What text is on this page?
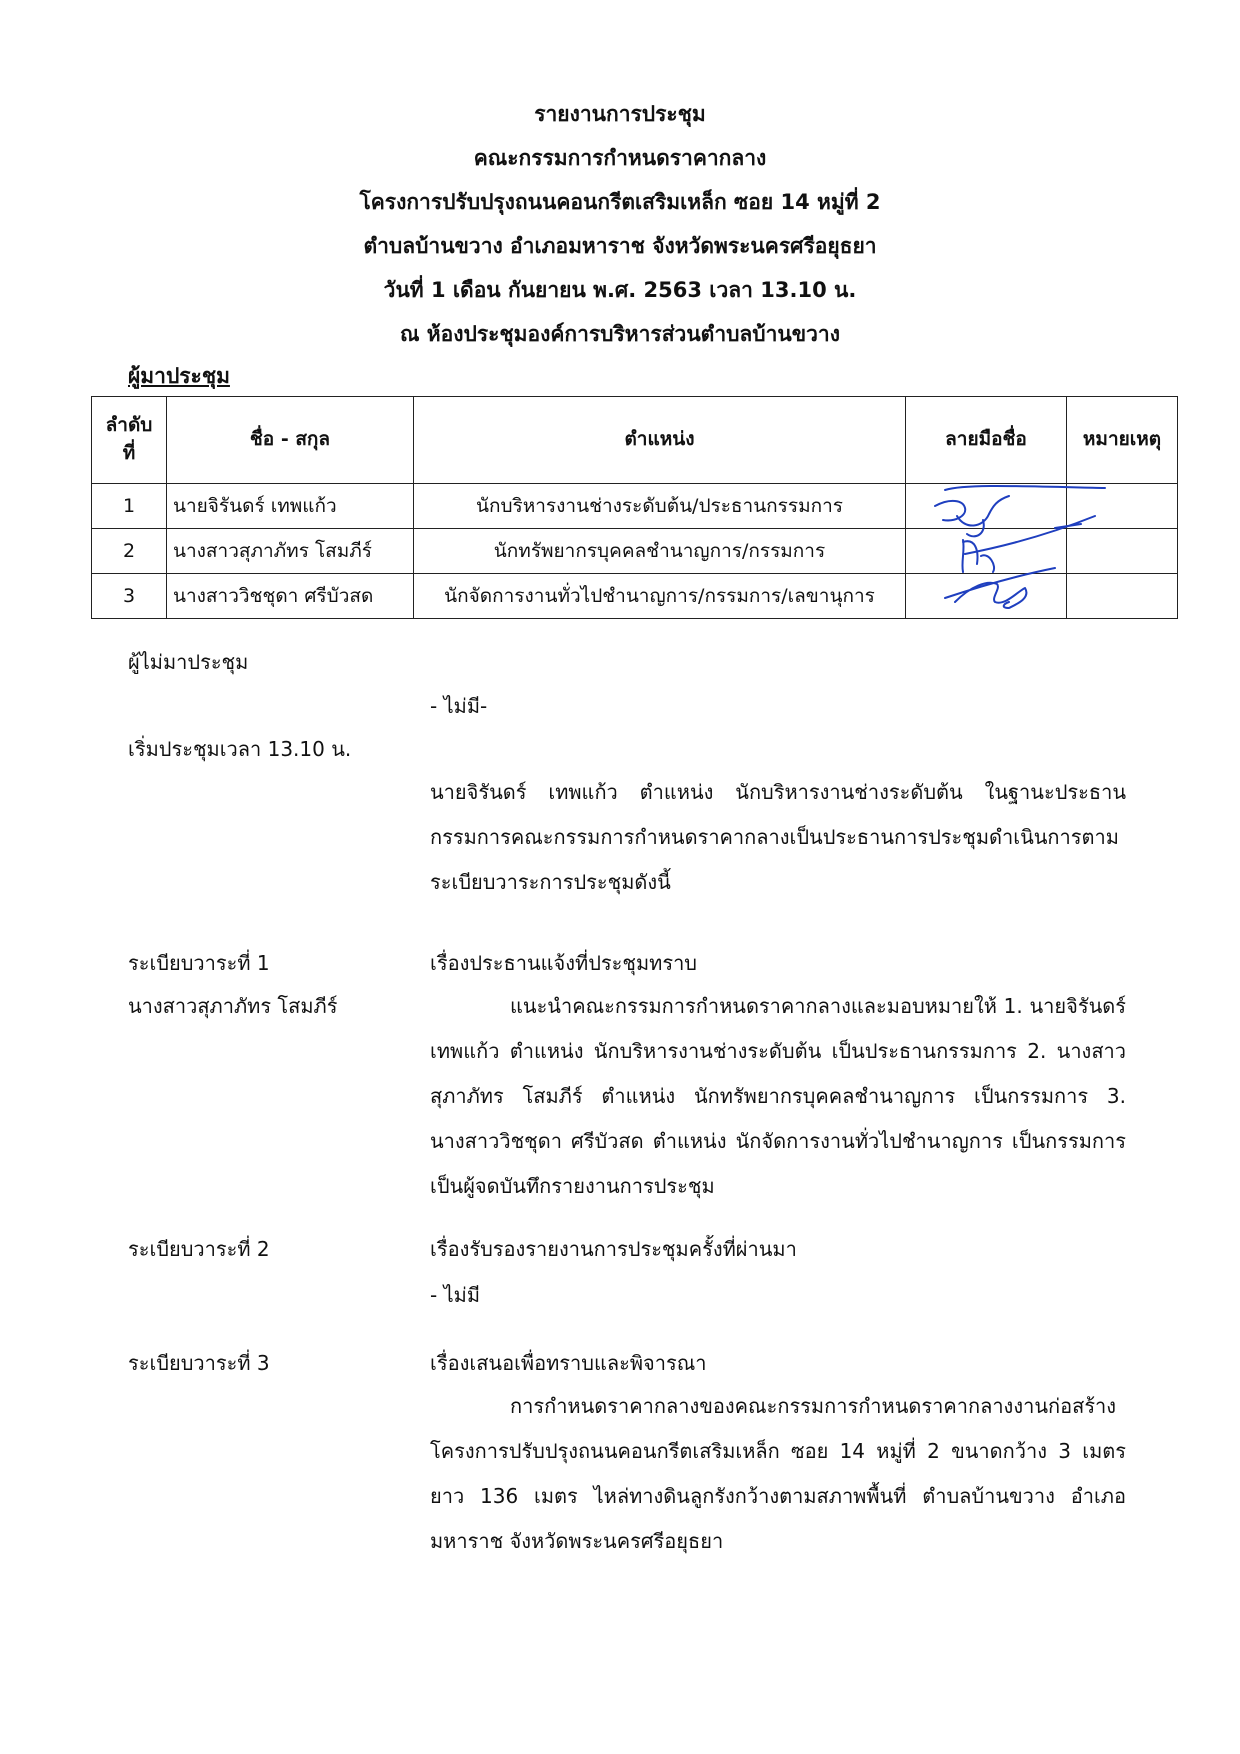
รายงานการประชุม
คณะกรรมการกำหนดราคากลาง
โครงการปรับปรุงถนนคอนกรีตเสริมเหล็ก ซอย 14 หมู่ที่ 2
ตำบลบ้านขวาง อำเภอมหาราช จังหวัดพระนครศรีอยุธยา
วันที่ 1 เดือน กันยายน พ.ศ. 2563 เวลา 13.10 น.
ณ ห้องประชุมองค์การบริหารส่วนตำบลบ้านขวาง
ผู้มาประชุม
ลำดับ ที่	ชื่อ - สกุล	ตำแหน่ง	ลายมือชื่อ	หมายเหตุ
1	นายจิรันดร์ เทพแก้ว	นักบริหารงานช่างระดับต้น/ประธานกรรมการ		
2	นางสาวสุภาภัทร โสมภีร์	นักทรัพยากรบุคคลชำนาญการ/กรรมการ		
3	นางสาววิชชุดา ศรีบัวสด	นักจัดการงานทั่วไปชำนาญการ/กรรมการ/เลขานุการ		
ผู้ไม่มาประชุม
- ไม่มี-
เริ่มประชุมเวลา 13.10 น.
นายจิรันดร์ เทพแก้ว ตำแหน่ง นักบริหารงานช่างระดับต้น ในฐานะประธานกรรมการคณะกรรมการกำหนดราคากลางเป็นประธานการประชุมดำเนินการตามระเบียบวาระการประชุมดังนี้
ระเบียบวาระที่ 1
นางสาวสุภาภัทร โสมภีร์
เรื่องประธานแจ้งที่ประชุมทราบ
แนะนำคณะกรรมการกำหนดราคากลางและมอบหมายให้ 1. นายจิรันดร์ เทพแก้ว ตำแหน่ง นักบริหารงานช่างระดับต้น เป็นประธานกรรมการ 2. นางสาวสุภาภัทร โสมภีร์ ตำแหน่ง นักทรัพยากรบุคคลชำนาญการ เป็นกรรมการ 3. นางสาววิชชุดา ศรีบัวสด ตำแหน่ง นักจัดการงานทั่วไปชำนาญการ เป็นกรรมการ เป็นผู้จดบันทึกรายงานการประชุม
ระเบียบวาระที่ 2	เรื่องรับรองรายงานการประชุมครั้งที่ผ่านมา
- ไม่มี
ระเบียบวาระที่ 3	เรื่องเสนอเพื่อทราบและพิจารณา
การกำหนดราคากลางของคณะกรรมการกำหนดราคากลางงานก่อสร้าง โครงการปรับปรุงถนนคอนกรีตเสริมเหล็ก ซอย 14 หมู่ที่ 2 ขนาดกว้าง 3 เมตร ยาว 136 เมตร ไหล่ทางดินลูกรังกว้างตามสภาพพื้นที่ ตำบลบ้านขวาง อำเภอมหาราช จังหวัดพระนครศรีอยุธยา
